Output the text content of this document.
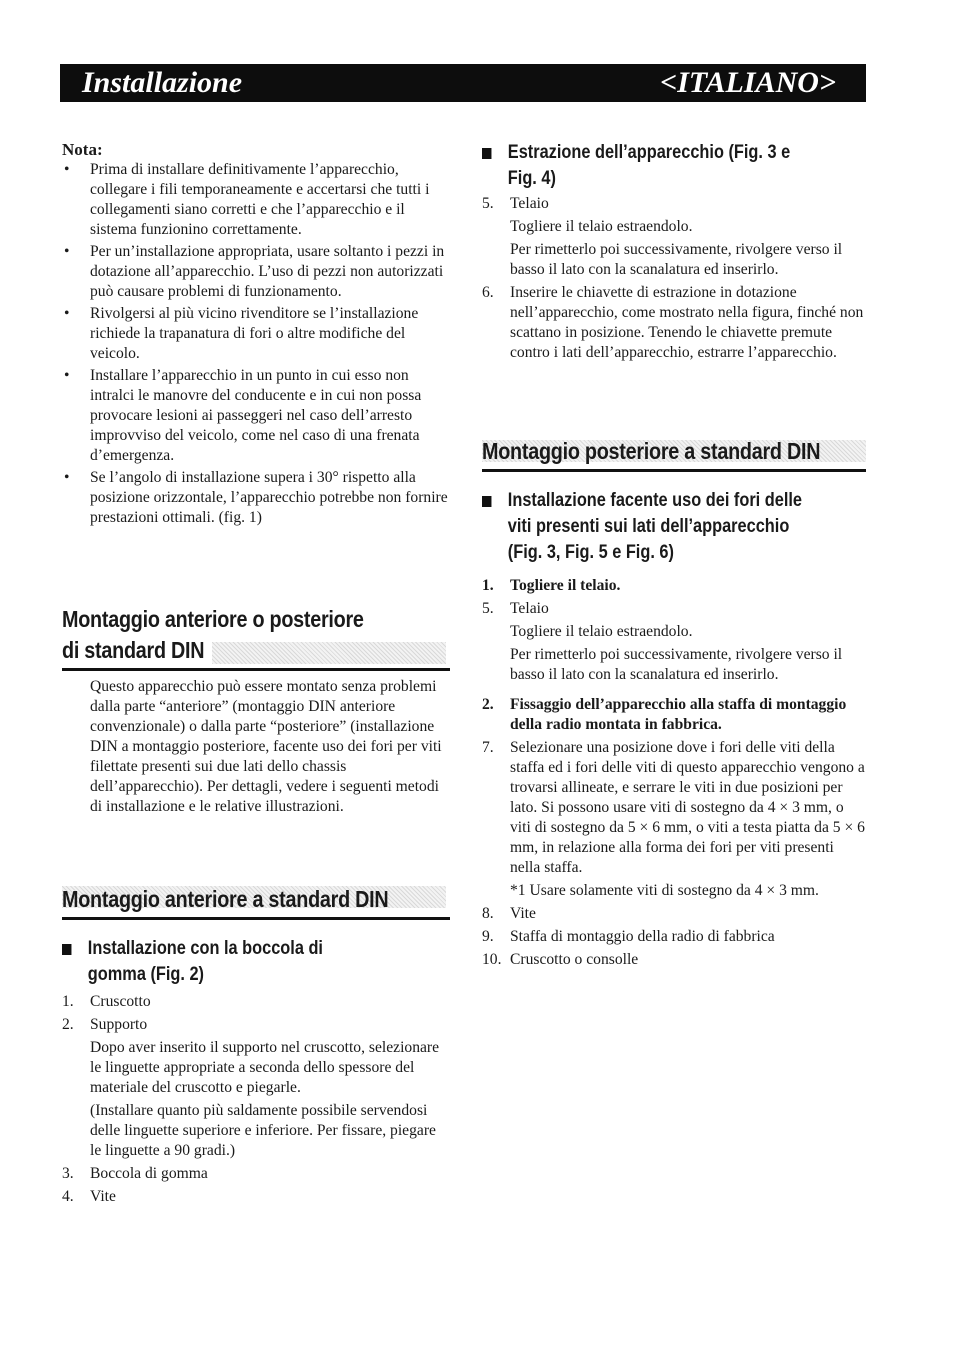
Installazione	<ITALIANO>
Nota:
• Prima di installare definitivamente l’apparecchio, collegare i fili temporaneamente e accertarsi che tutti i collegamenti siano corretti e che l’apparecchio e il sistema funzionino correttamente.
• Per un’installazione appropriata, usare soltanto i pezzi in dotazione all’apparecchio. L’uso di pezzi non autorizzati può causare problemi di funzionamento.
• Rivolgersi al più vicino rivenditore se l’installazione richiede la trapanatura di fori o altre modifiche del veicolo.
• Installare l’apparecchio in un punto in cui esso non intralci le manovre del conducente e in cui non possa provocare lesioni ai passeggeri nel caso dell’arresto improvviso del veicolo, come nel caso di una frenata d’emergenza.
• Se l’angolo di installazione supera i 30° rispetto alla posizione orizzontale, l’apparecchio potrebbe non fornire prestazioni ottimali. (fig. 1)
Montaggio anteriore o posteriore
di standard DIN
Questo apparecchio può essere montato senza problemi dalla parte “anteriore” (montaggio DIN anteriore convenzionale) o dalla parte “posteriore” (installazione DIN a montaggio posteriore, facente uso dei fori per viti filettate presenti sui due lati dello chassis dell’apparecchio). Per dettagli, vedere i seguenti metodi di installazione e le relative illustrazioni.
Montaggio anteriore a standard DIN
Installazione con la boccola di
gomma (Fig. 2)
1. Cruscotto
2. Supporto
Dopo aver inserito il supporto nel cruscotto, selezionare le linguette appropriate a seconda dello spessore del materiale del cruscotto e piegarle.
(Installare quanto più saldamente possibile servendosi delle linguette superiore e inferiore. Per fissare, piegare le linguette a 90 gradi.)
3. Boccola di gomma
4. Vite
Estrazione dell’apparecchio (Fig. 3 e
Fig. 4)
5. Telaio
Togliere il telaio estraendolo.
Per rimetterlo poi successivamente, rivolgere verso il basso il lato con la scanalatura ed inserirlo.
6. Inserire le chiavette di estrazione in dotazione nell’apparecchio, come mostrato nella figura, finché non scattano in posizione. Tenendo le chiavette premute contro i lati dell’apparecchio, estrarre l’apparecchio.
Montaggio posteriore a standard DIN
Installazione facente uso dei fori delle
viti presenti sui lati dell’apparecchio
(Fig. 3, Fig. 5 e Fig. 6)
1. Togliere il telaio.
5. Telaio
Togliere il telaio estraendolo.
Per rimetterlo poi successivamente, rivolgere verso il basso il lato con la scanalatura ed inserirlo.
2. Fissaggio dell’apparecchio alla staffa di montaggio della radio montata in fabbrica.
7. Selezionare una posizione dove i fori delle viti della staffa ed i fori delle viti di questo apparecchio vengono a trovarsi allineate, e serrare le viti in due posizioni per lato. Si possono usare viti di sostegno da 4 × 3 mm, o viti di sostegno da 5 × 6 mm, o viti a testa piatta da 5 × 6 mm, in relazione alla forma dei fori per viti presenti nella staffa.
*1 Usare solamente viti di sostegno da 4 × 3 mm.
8. Vite
9. Staffa di montaggio della radio di fabbrica
10. Cruscotto o consolle
